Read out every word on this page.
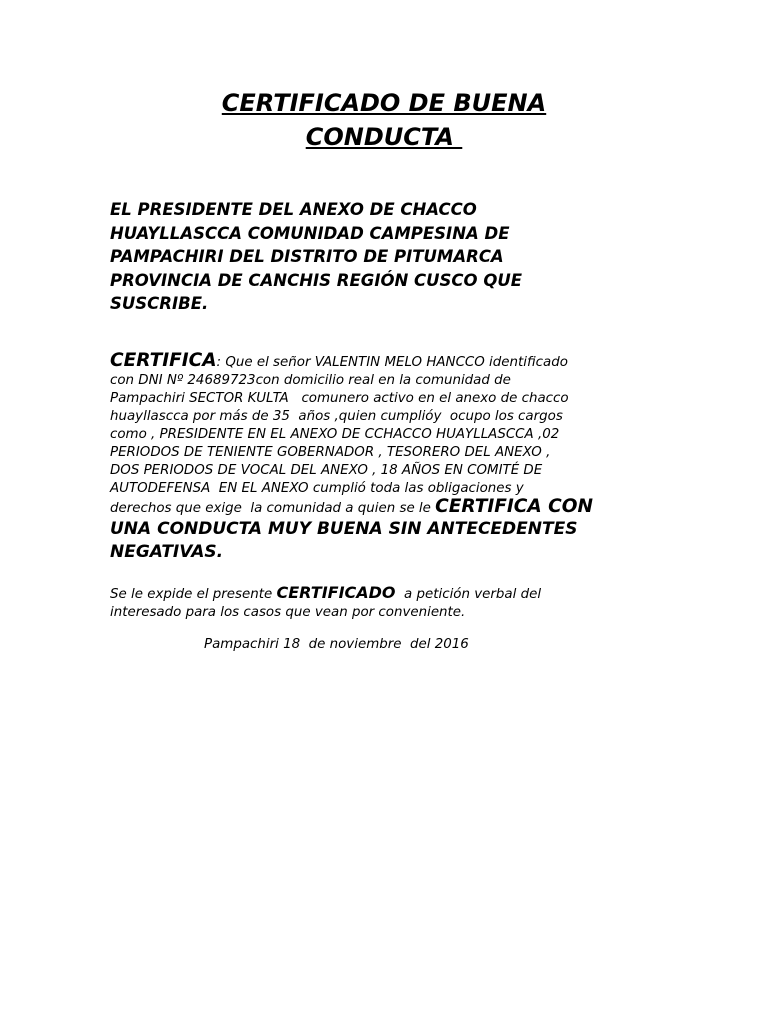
CERTIFICADO DE BUENA
CONDUCTA
EL PRESIDENTE DEL ANEXO DE CHACCO
HUAYLLASCCA COMUNIDAD CAMPESINA DE
PAMPACHIRI DEL DISTRITO DE PITUMARCA
PROVINCIA DE CANCHIS REGIÓN CUSCO QUE
SUSCRIBE.
CERTIFICA: Que el señor VALENTIN MELO HANCCO identificado
con DNI Nº 24689723con domicilio real en la comunidad de
Pampachiri SECTOR KULTA   comunero activo en el anexo de chacco
huayllascca por más de 35  años ,quien cumplióy  ocupo los cargos
como , PRESIDENTE EN EL ANEXO DE CCHACCO HUAYLLASCCA ,02
PERIODOS DE TENIENTE GOBERNADOR , TESORERO DEL ANEXO ,
DOS PERIODOS DE VOCAL DEL ANEXO , 18 AÑOS EN COMITÉ DE
AUTODEFENSA  EN EL ANEXO cumplió toda las obligaciones y
derechos que exige  la comunidad a quien se le CERTIFICA CON
UNA CONDUCTA MUY BUENA SIN ANTECEDENTES
NEGATIVAS.
Se le expide el presente CERTIFICADO  a petición verbal del
interesado para los casos que vean por conveniente.
Pampachiri 18  de noviembre  del 2016
